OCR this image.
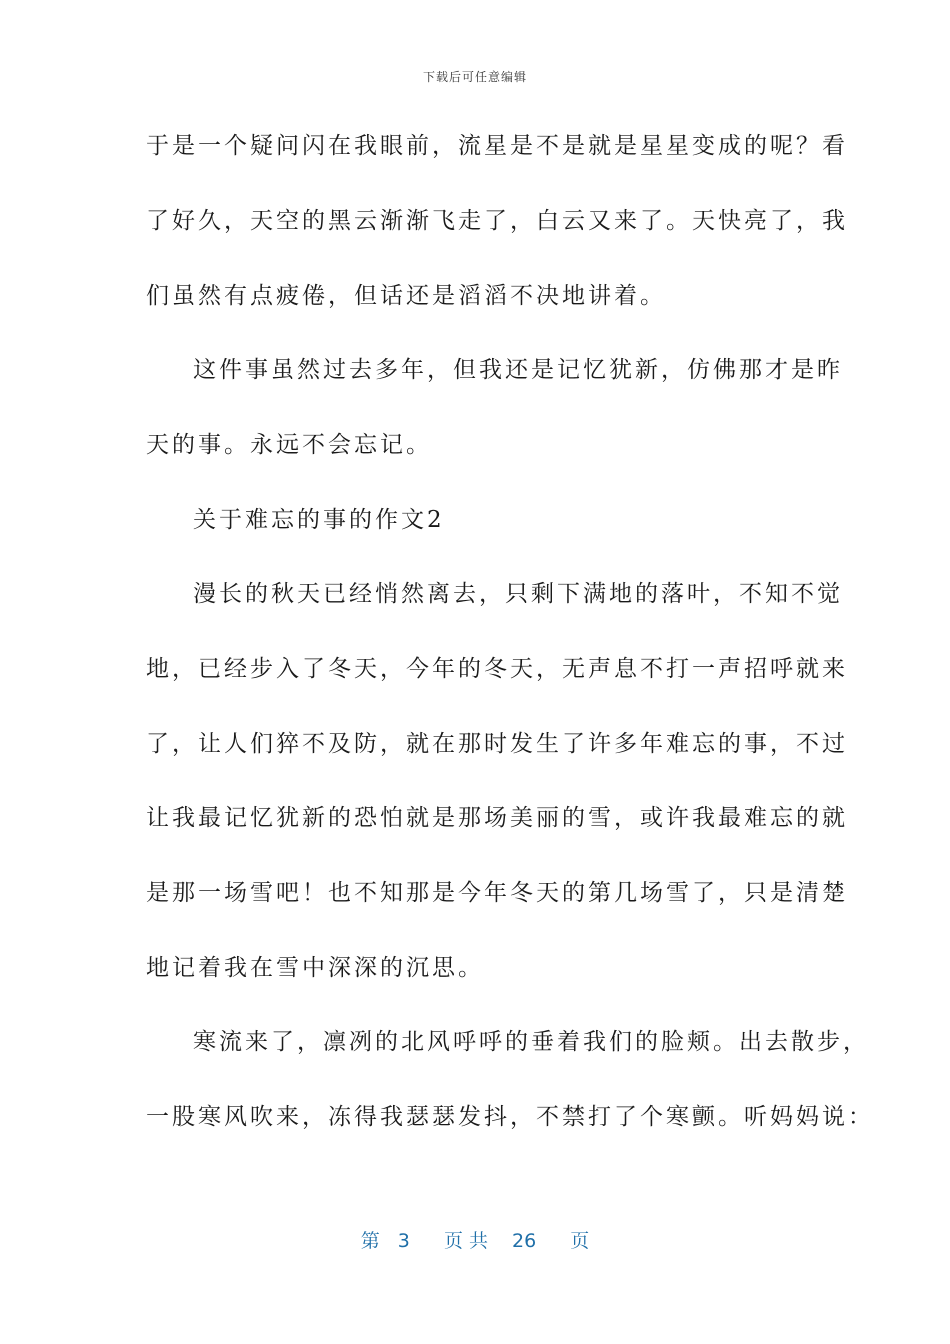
下载后可任意编辑
于是一个疑问闪在我眼前，流星是不是就是星星变成的呢？看
了好久，天空的黑云渐渐飞走了，白云又来了。天快亮了，我
们虽然有点疲倦，但话还是滔滔不决地讲着。
这件事虽然过去多年，但我还是记忆犹新，仿佛那才是昨
天的事。永远不会忘记。
关于难忘的事的作文2
漫长的秋天已经悄然离去，只剩下满地的落叶，不知不觉
地，已经步入了冬天，今年的冬天，无声息不打一声招呼就来
了，让人们猝不及防，就在那时发生了许多年难忘的事，不过
让我最记忆犹新的恐怕就是那场美丽的雪，或许我最难忘的就
是那一场雪吧！也不知那是今年冬天的第几场雪了，只是清楚
地记着我在雪中深深的沉思。
寒流来了，凛冽的北风呼呼的垂着我们的脸颊。出去散步，
一股寒风吹来，冻得我瑟瑟发抖，不禁打了个寒颤。听妈妈说：
第 3 页共 26 页
